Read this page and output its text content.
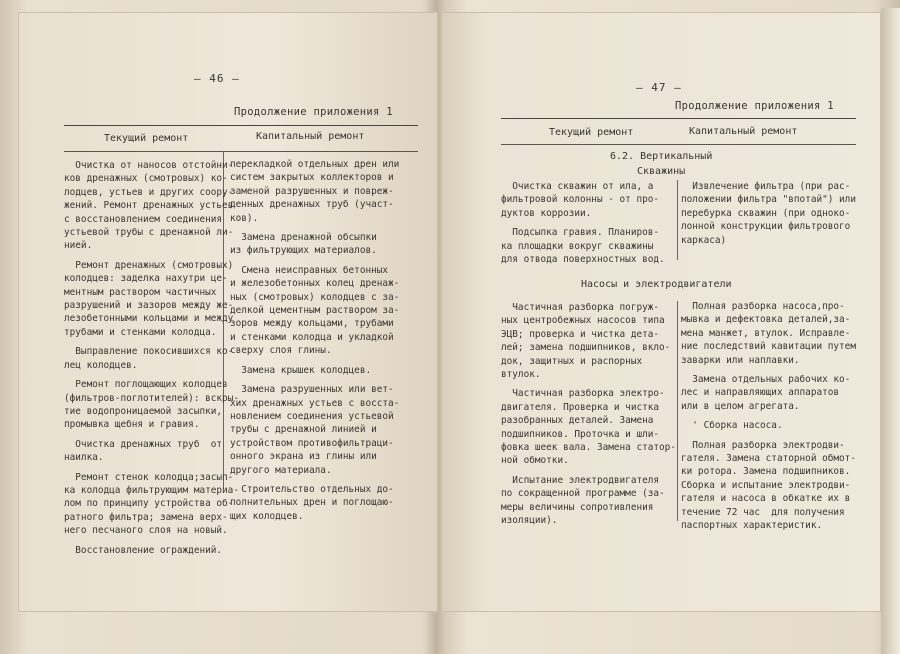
— 46 —
Продолжение приложения 1
Текущий ремонт	Капитальный ремонт

Очистка от наносов отстойни-
ков дренажных (смотровых) ко-
лодцев, устьев и других соору-
жений. Ремонт дренажных устьев
с восстановлением соединения
устьевой трубы с дренажной ли-
нией.

Ремонт дренажных (смотровых)
колодцев: заделка нахутри це-
ментным раствором частичных
разрушений и зазоров между же-
лезобетонными кольцами и между
трубами и стенками колодца.

Выправление покосившихся ко-
лец колодцев.

Ремонт поглощающих колодцев
(фильтров-поглотителей): вскры-
тие водопроницаемой засыпки,
промывка щебня и гравия.

Очистка дренажных труб  от
наилка.

Ремонт стенок колодца;засып-
ка колодца фильтрующим материа-
лом по принципу устройства об-
ратного фильтра; замена верх-
него песчаного слоя на новый.

Восстановление ограждений.

перекладкой отдельных дрен или
систем закрытых коллекторов и
заменой разрушенных и повреж-
денных дренажных труб (участ-
ков).

Замена дренажной обсыпки
из фильтрующих материалов.

Смена неисправных бетонных
и железобетонных колец дренаж-
ных (смотровых) колодцев с за-
делкой цементным раствором за-
зоров между кольцами, трубами
и стенками колодца и укладкой
сверху слоя глины.

Замена крышек колодцев.

Замена разрушенных или вет-
хих дренажных устьев с восста-
новлением соединения устьевой
трубы с дренажной линией и
устройством противофильтраци-
онного экрана из глины или
другого материала.

Строительство отдельных до-
полнительных дрен и поглощаю-
щих колодцев.

— 47 —
Продолжение приложения 1
Текущий ремонт	Капитальный ремонт
6.2. Вертикальный
Скважины

Очистка скважин от ила, а
фильтровой колонны - от про-
дуктов коррозии.

Подсыпка гравия. Планиров-
ка площадки вокруг скважины
для отвода поверхностных вод.

Извлечение фильтра (при рас-
положении фильтра "впотай") или
перебурка скважин (при одноко-
лонной конструкции фильтрового
каркаса)

Насосы и электродвигатели

Частичная разборка погруж-
ных центробежных насосов типа
ЭЦВ; проверка и чистка дета-
лей; замена подшипников, вкло-
док, защитных и распорных
втулок.

Частичная разборка электро-
двигателя. Проверка и чистка
разобранных деталей. Замена
подшипников. Проточка и шли-
фовка шеек вала. Замена статор-
ной обмотки.

Испытание электродвигателя
по сокращенной программе (за-
меры величины сопротивления
изоляции).

Полная разборка насоса,про-
мывка и дефектовка деталей,за-
мена манжет, втулок. Исправле-
ние последствий кавитации путем
заварки или наплавки.

Замена отдельных рабочих ко-
лес и направляющих аппаратов
или в целом агрегата.

' Сборка насоса.

Полная разборка электродви-
гателя. Замена статорной обмот-
ки ротора. Замена подшипников.
Сборка и испытание электродви-
гателя и насоса в обкатке их в
течение 72 час  для получения
паспортных характеристик.
